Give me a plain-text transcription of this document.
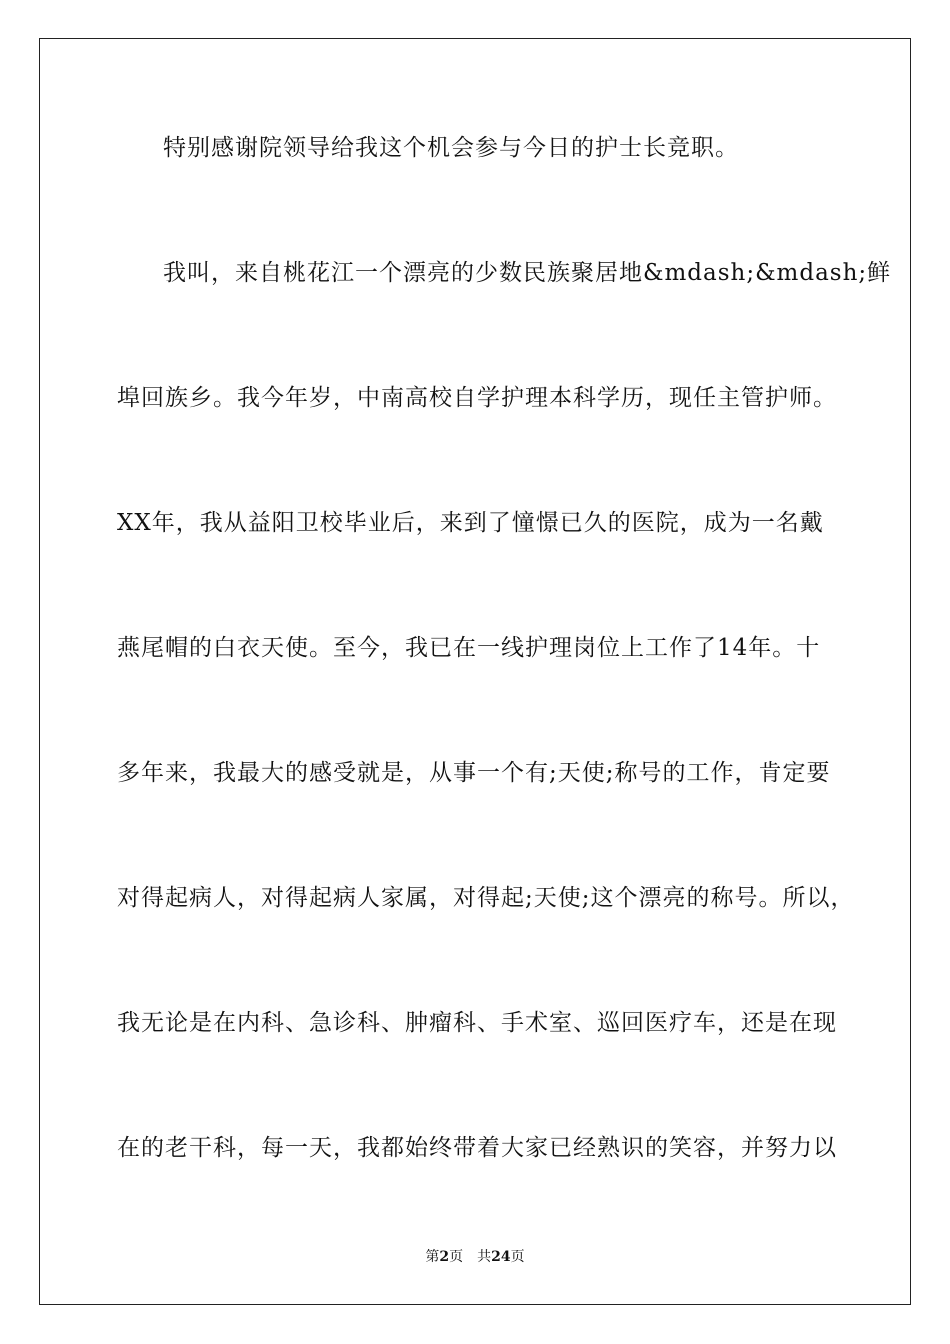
特别感谢院领导给我这个机会参与今日的护士长竞职。
我叫，来自桃花江一个漂亮的少数民族聚居地&mdash;&mdash;鲜
埠回族乡。我今年岁，中南高校自学护理本科学历，现任主管护师。
XX年，我从益阳卫校毕业后，来到了憧憬已久的医院，成为一名戴
燕尾帽的白衣天使。至今，我已在一线护理岗位上工作了14年。十
多年来，我最大的感受就是，从事一个有;天使;称号的工作，肯定要
对得起病人，对得起病人家属，对得起;天使;这个漂亮的称号。所以，
我无论是在内科、急诊科、肿瘤科、手术室、巡回医疗车，还是在现
在的老干科，每一天，我都始终带着大家已经熟识的笑容，并努力以
第2页 共24页
